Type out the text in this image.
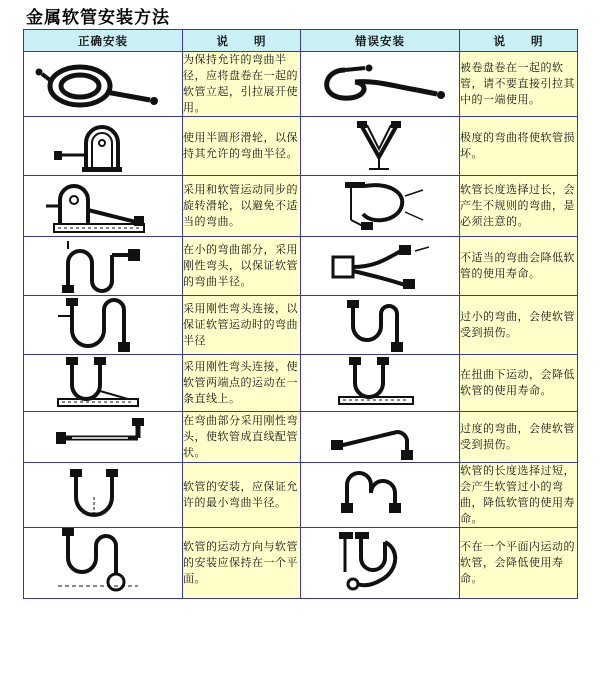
金属软管安装方法
正确安装	说　　明	错误安装	说　　明

	为保持允许的弯曲半径，应将盘卷在一起的软管立起，引拉展开使用。		被卷盘卷在一起的软管，请不要直接引拉其中的一端使用。

	使用半圆形滑轮，以保持其允许的弯曲半径。		极度的弯曲将使软管损坏。

	采用和软管运动同步的旋转滑轮，以避免不适当的弯曲。		软管长度选择过长，会产生不规则的弯曲，是必须注意的。

	在小的弯曲部分，采用刚性弯头，以保证软管的弯曲半径。		不适当的弯曲会降低软管的使用寿命。

	采用刚性弯头连接，以保证软管运动时的弯曲半径		过小的弯曲，会使软管受到损伤。

	采用刚性弯头连接，使软管两端点的运动在一条直线上。		在扭曲下运动，会降低软管的使用寿命。

	在弯曲部分采用刚性弯头，使软管成直线配管状。		过度的弯曲，会使软管受到损伤。

	软管的安装，应保证允许的最小弯曲半径。		软管的长度选择过短，会产生软管过小的弯曲，降低软管的使用寿命。

	软管的运动方向与软管的安装应保持在一个平面。		不在一个平面内运动的软管，会降低使用寿命。
